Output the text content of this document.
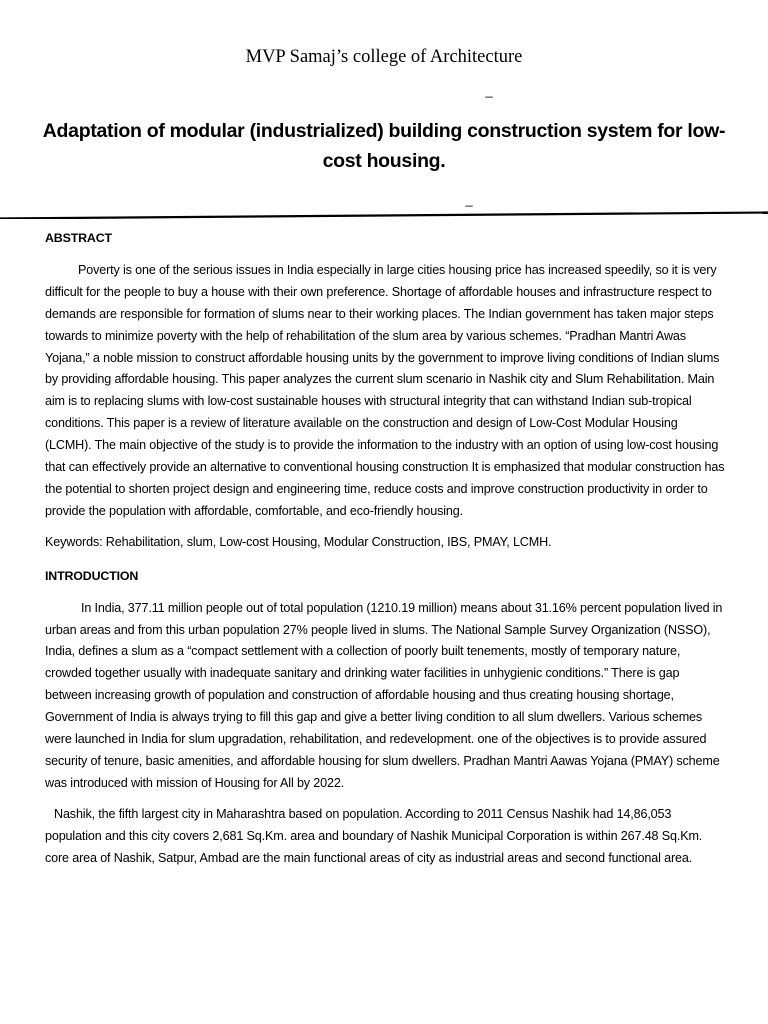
MVP Samaj’s college of Architecture
_
Adaptation of modular (industrialized) building construction system for low-cost housing.
_
ABSTRACT

Poverty is one of the serious issues in India especially in large cities housing price has increased speedily, so it is very difficult for the people to buy a house with their own preference. Shortage of affordable houses and infrastructure respect to demands are responsible for formation of slums near to their working places. The Indian government has taken major steps towards to minimize poverty with the help of rehabilitation of the slum area by various schemes. “Pradhan Mantri Awas Yojana,” a noble mission to construct affordable housing units by the government to improve living conditions of Indian slums by providing affordable housing. This paper analyzes the current slum scenario in Nashik city and Slum Rehabilitation. Main aim is to replacing slums with low-cost sustainable houses with structural integrity that can withstand Indian sub-tropical conditions. This paper is a review of literature available on the construction and design of Low-Cost Modular Housing (LCMH). The main objective of the study is to provide the information to the industry with an option of using low-cost housing that can effectively provide an alternative to conventional housing construction It is emphasized that modular construction has the potential to shorten project design and engineering time, reduce costs and improve construction productivity in order to provide the population with affordable, comfortable, and eco-friendly housing.

Keywords: Rehabilitation, slum, Low-cost Housing, Modular Construction, IBS, PMAY, LCMH.

INTRODUCTION

In India, 377.11 million people out of total population (1210.19 million) means about 31.16% percent population lived in urban areas and from this urban population 27% people lived in slums. The National Sample Survey Organization (NSSO), India, defines a slum as a “compact settlement with a collection of poorly built tenements, mostly of temporary nature, crowded together usually with inadequate sanitary and drinking water facilities in unhygienic conditions.” There is gap between increasing growth of population and construction of affordable housing and thus creating housing shortage, Government of India is always trying to fill this gap and give a better living condition to all slum dwellers. Various schemes were launched in India for slum upgradation, rehabilitation, and redevelopment. one of the objectives is to provide assured security of tenure, basic amenities, and affordable housing for slum dwellers. Pradhan Mantri Aawas Yojana (PMAY) scheme was introduced with mission of Housing for All by 2022.

Nashik, the fifth largest city in Maharashtra based on population. According to 2011 Census Nashik had 14,86,053 population and this city covers 2,681 Sq.Km. area and boundary of Nashik Municipal Corporation is within 267.48 Sq.Km. core area of Nashik, Satpur, Ambad are the main functional areas of city as industrial areas and second functional area.
